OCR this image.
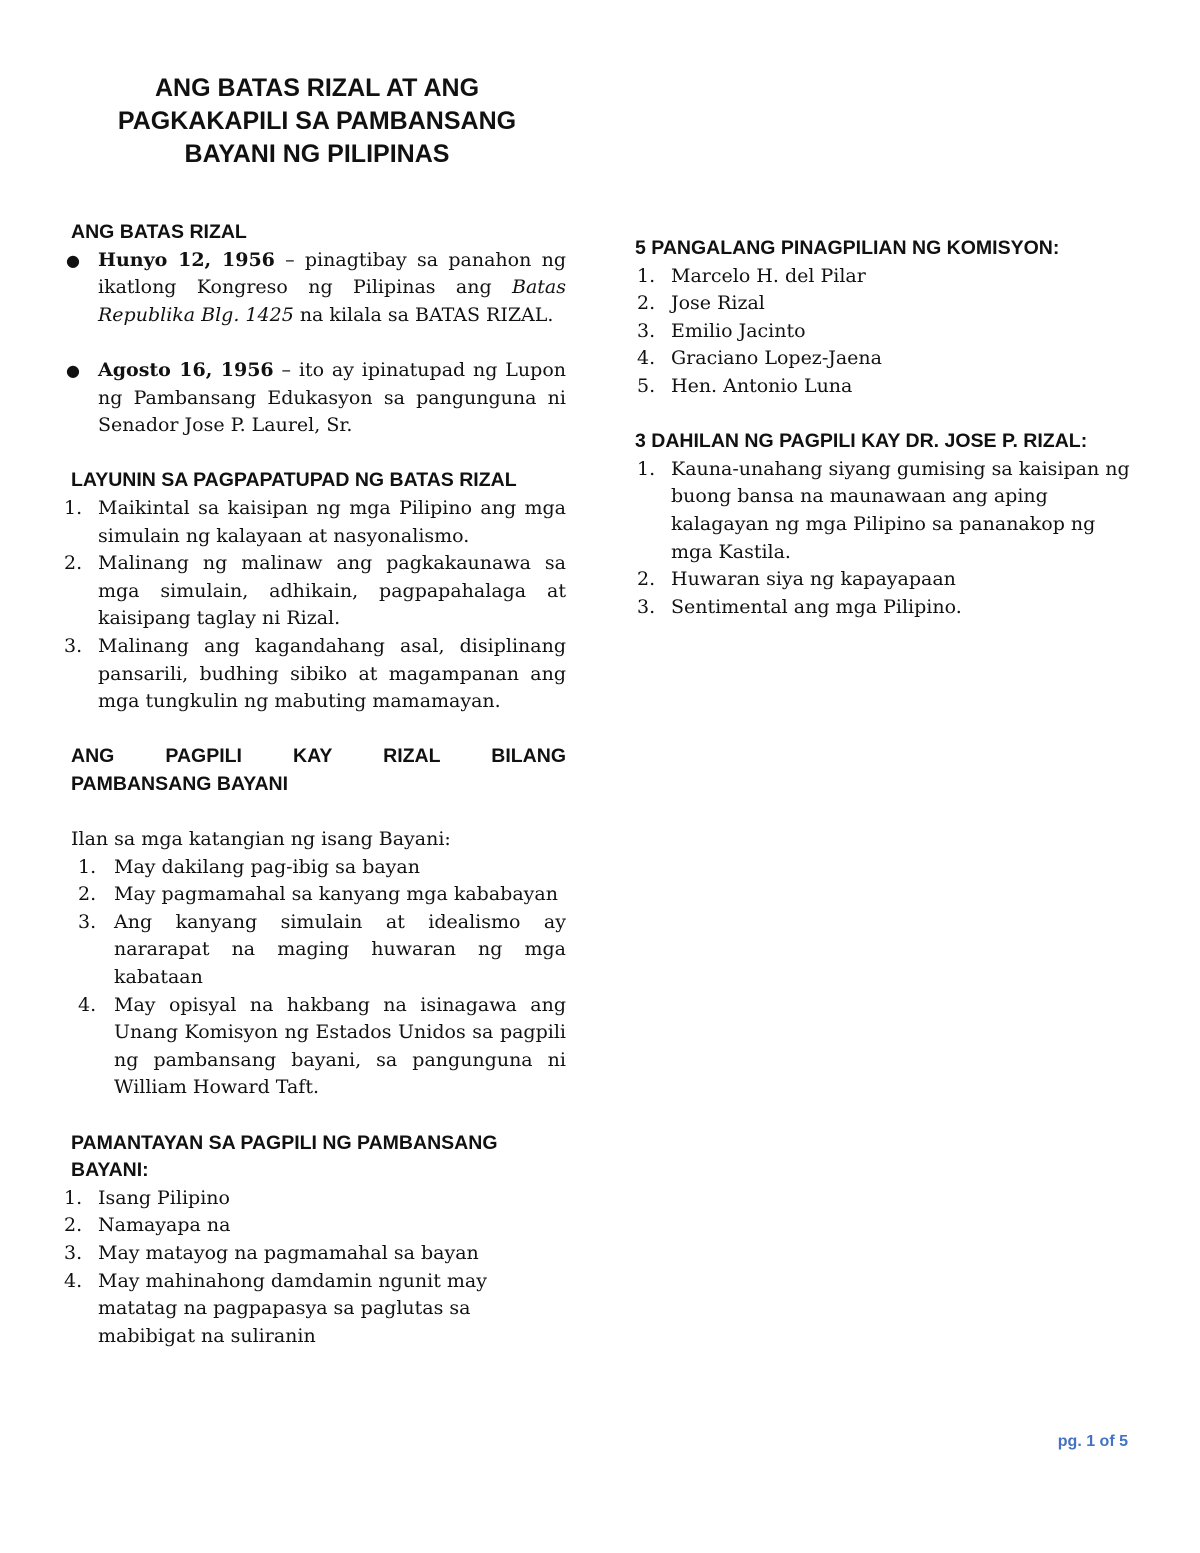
ANG BATAS RIZAL AT ANG
PAGKAKAPILI SA PAMBANSANG
BAYANI NG PILIPINAS
ANG BATAS RIZAL
● Hunyo 12, 1956 – pinagtibay sa panahon ng ikatlong Kongreso ng Pilipinas ang Batas Republika Blg. 1425 na kilala sa BATAS RIZAL.
● Agosto 16, 1956 – ito ay ipinatupad ng Lupon ng Pambansang Edukasyon sa pangunguna ni Senador Jose P. Laurel, Sr.
LAYUNIN SA PAGPAPATUPAD NG BATAS RIZAL
1. Maikintal sa kaisipan ng mga Pilipino ang mga simulain ng kalayaan at nasyonalismo.
2. Malinang ng malinaw ang pagkakaunawa sa mga simulain, adhikain, pagpapahalaga at kaisipang taglay ni Rizal.
3. Malinang ang kagandahang asal, disiplinang pansarili, budhing sibiko at magampanan ang mga tungkulin ng mabuting mamamayan.
ANG PAGPILI KAY RIZAL BILANG
PAMBANSANG BAYANI

Ilan sa mga katangian ng isang Bayani:

1. May dakilang pag-ibig sa bayan
2. May pagmamahal sa kanyang mga kababayan
3. Ang kanyang simulain at idealismo ay nararapat na maging huwaran ng mga kabataan
4. May opisyal na hakbang na isinagawa ang Unang Komisyon ng Estados Unidos sa pagpili ng pambansang bayani, sa pangunguna ni William Howard Taft.
PAMANTAYAN SA PAGPILI NG PAMBANSANG
BAYANI:
1. Isang Pilipino
2. Namayapa na
3. May matayog na pagmamahal sa bayan
4. May mahinahong damdamin ngunit may matatag na pagpapasya sa paglutas sa mabibigat na suliranin
5 PANGALANG PINAGPILIAN NG KOMISYON:
1. Marcelo H. del Pilar
2. Jose Rizal
3. Emilio Jacinto
4. Graciano Lopez-Jaena
5. Hen. Antonio Luna
3 DAHILAN NG PAGPILI KAY DR. JOSE P. RIZAL:
1. Kauna-unahang siyang gumising sa kaisipan ng buong bansa na maunawaan ang aping kalagayan ng mga Pilipino sa pananakop ng mga Kastila.
2. Huwaran siya ng kapayapaan
3. Sentimental ang mga Pilipino.
pg. 1 of 5
